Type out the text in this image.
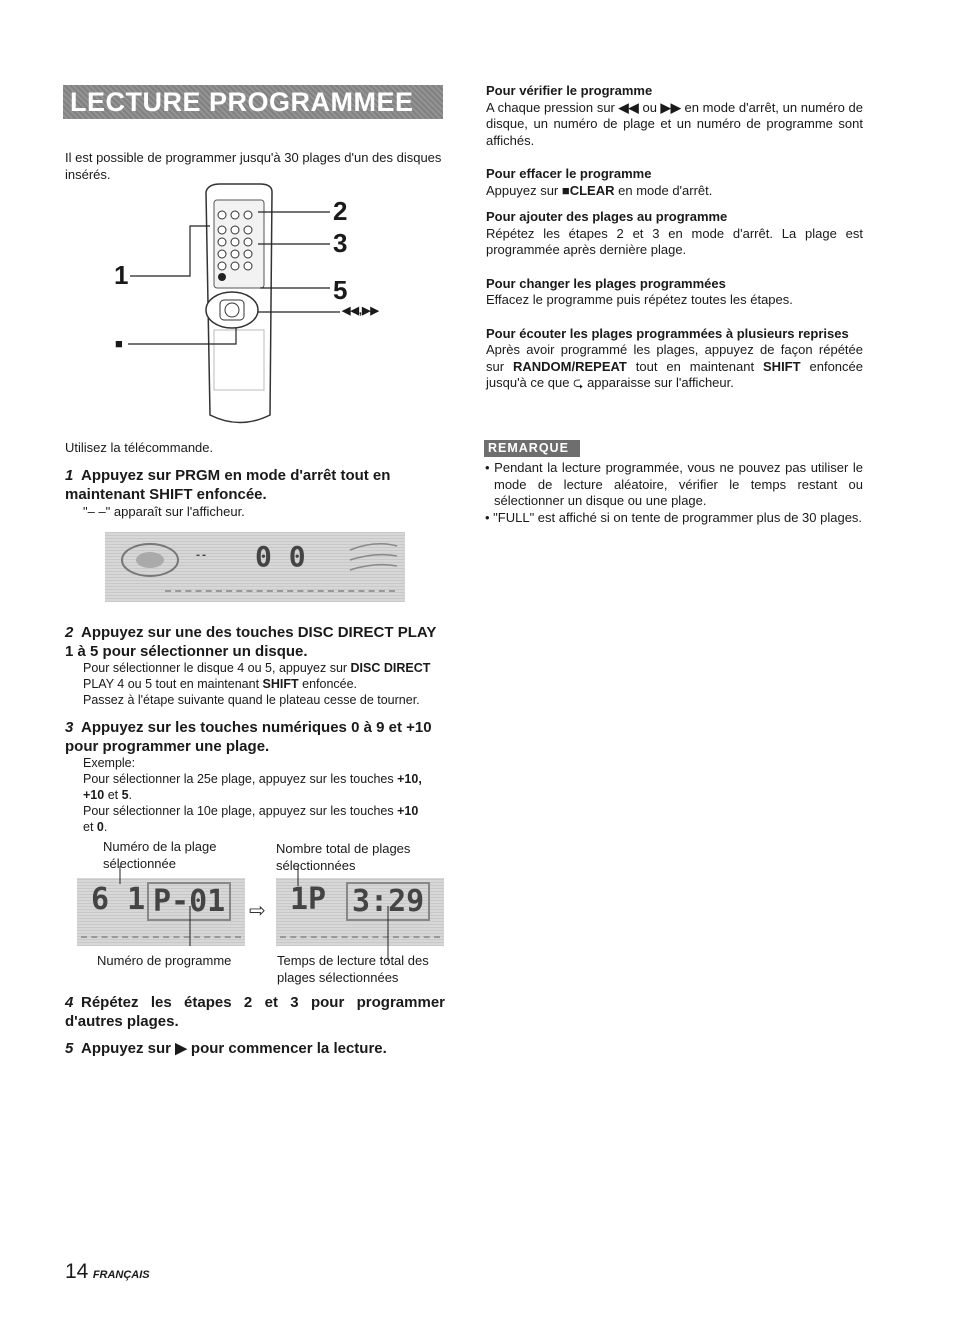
LECTURE PROGRAMMEE
Il est possible de programmer jusqu'à 30 plages d'un des disques insérés.
2
3
1	5
■
◀◀,▶▶
Utilisez la télécommande.
1 Appuyez sur PRGM en mode d'arrêt tout en maintenant SHIFT enfoncée.
"– –" apparaît sur l'afficheur.
-- 0 0
2 Appuyez sur une des touches DISC DIRECT PLAY 1 à 5 pour sélectionner un disque.
Pour sélectionner le disque 4 ou 5, appuyez sur DISC DIRECT
PLAY 4 ou 5 tout en maintenant SHIFT enfoncée.
Passez à l'étape suivante quand le plateau cesse de tourner.
3 Appuyez sur les touches numériques 0 à 9 et +10 pour programmer une plage.
Exemple:
Pour sélectionner la 25e plage, appuyez sur les touches +10,
+10 et 5.
Pour sélectionner la 10e plage, appuyez sur les touches +10
et 0.
Numéro de la plage sélectionnée
Nombre total de plages sélectionnées
6 1 P-01	⇨ 1P 3:29
Numéro de programme	Temps de lecture total des plages sélectionnées
4 Répétez les étapes 2 et 3 pour programmer d'autres plages.
5 Appuyez sur ▶ pour commencer la lecture.
Pour vérifier le programme
A chaque pression sur ◀◀ ou ▶▶ en mode d'arrêt, un numéro de disque, un numéro de plage et un numéro de programme sont affichés.
Pour effacer le programme
Appuyez sur ■CLEAR en mode d'arrêt.
Pour ajouter des plages au programme
Répétez les étapes 2 et 3 en mode d'arrêt. La plage est programmée après dernière plage.
Pour changer les plages programmées
Effacez le programme puis répétez toutes les étapes.
Pour écouter les plages programmées à plusieurs reprises
Après avoir programmé les plages, appuyez de façon répétée sur RANDOM/REPEAT tout en maintenant SHIFT enfoncée jusqu'à ce que ⮎ apparaisse sur l'afficheur.
REMARQUE
• Pendant la lecture programmée, vous ne pouvez pas utiliser le mode de lecture aléatoire, vérifier le temps restant ou sélectionner un disque ou une plage.
• "FULL" est affiché si on tente de programmer plus de 30 plages.
14 FRANÇAIS
